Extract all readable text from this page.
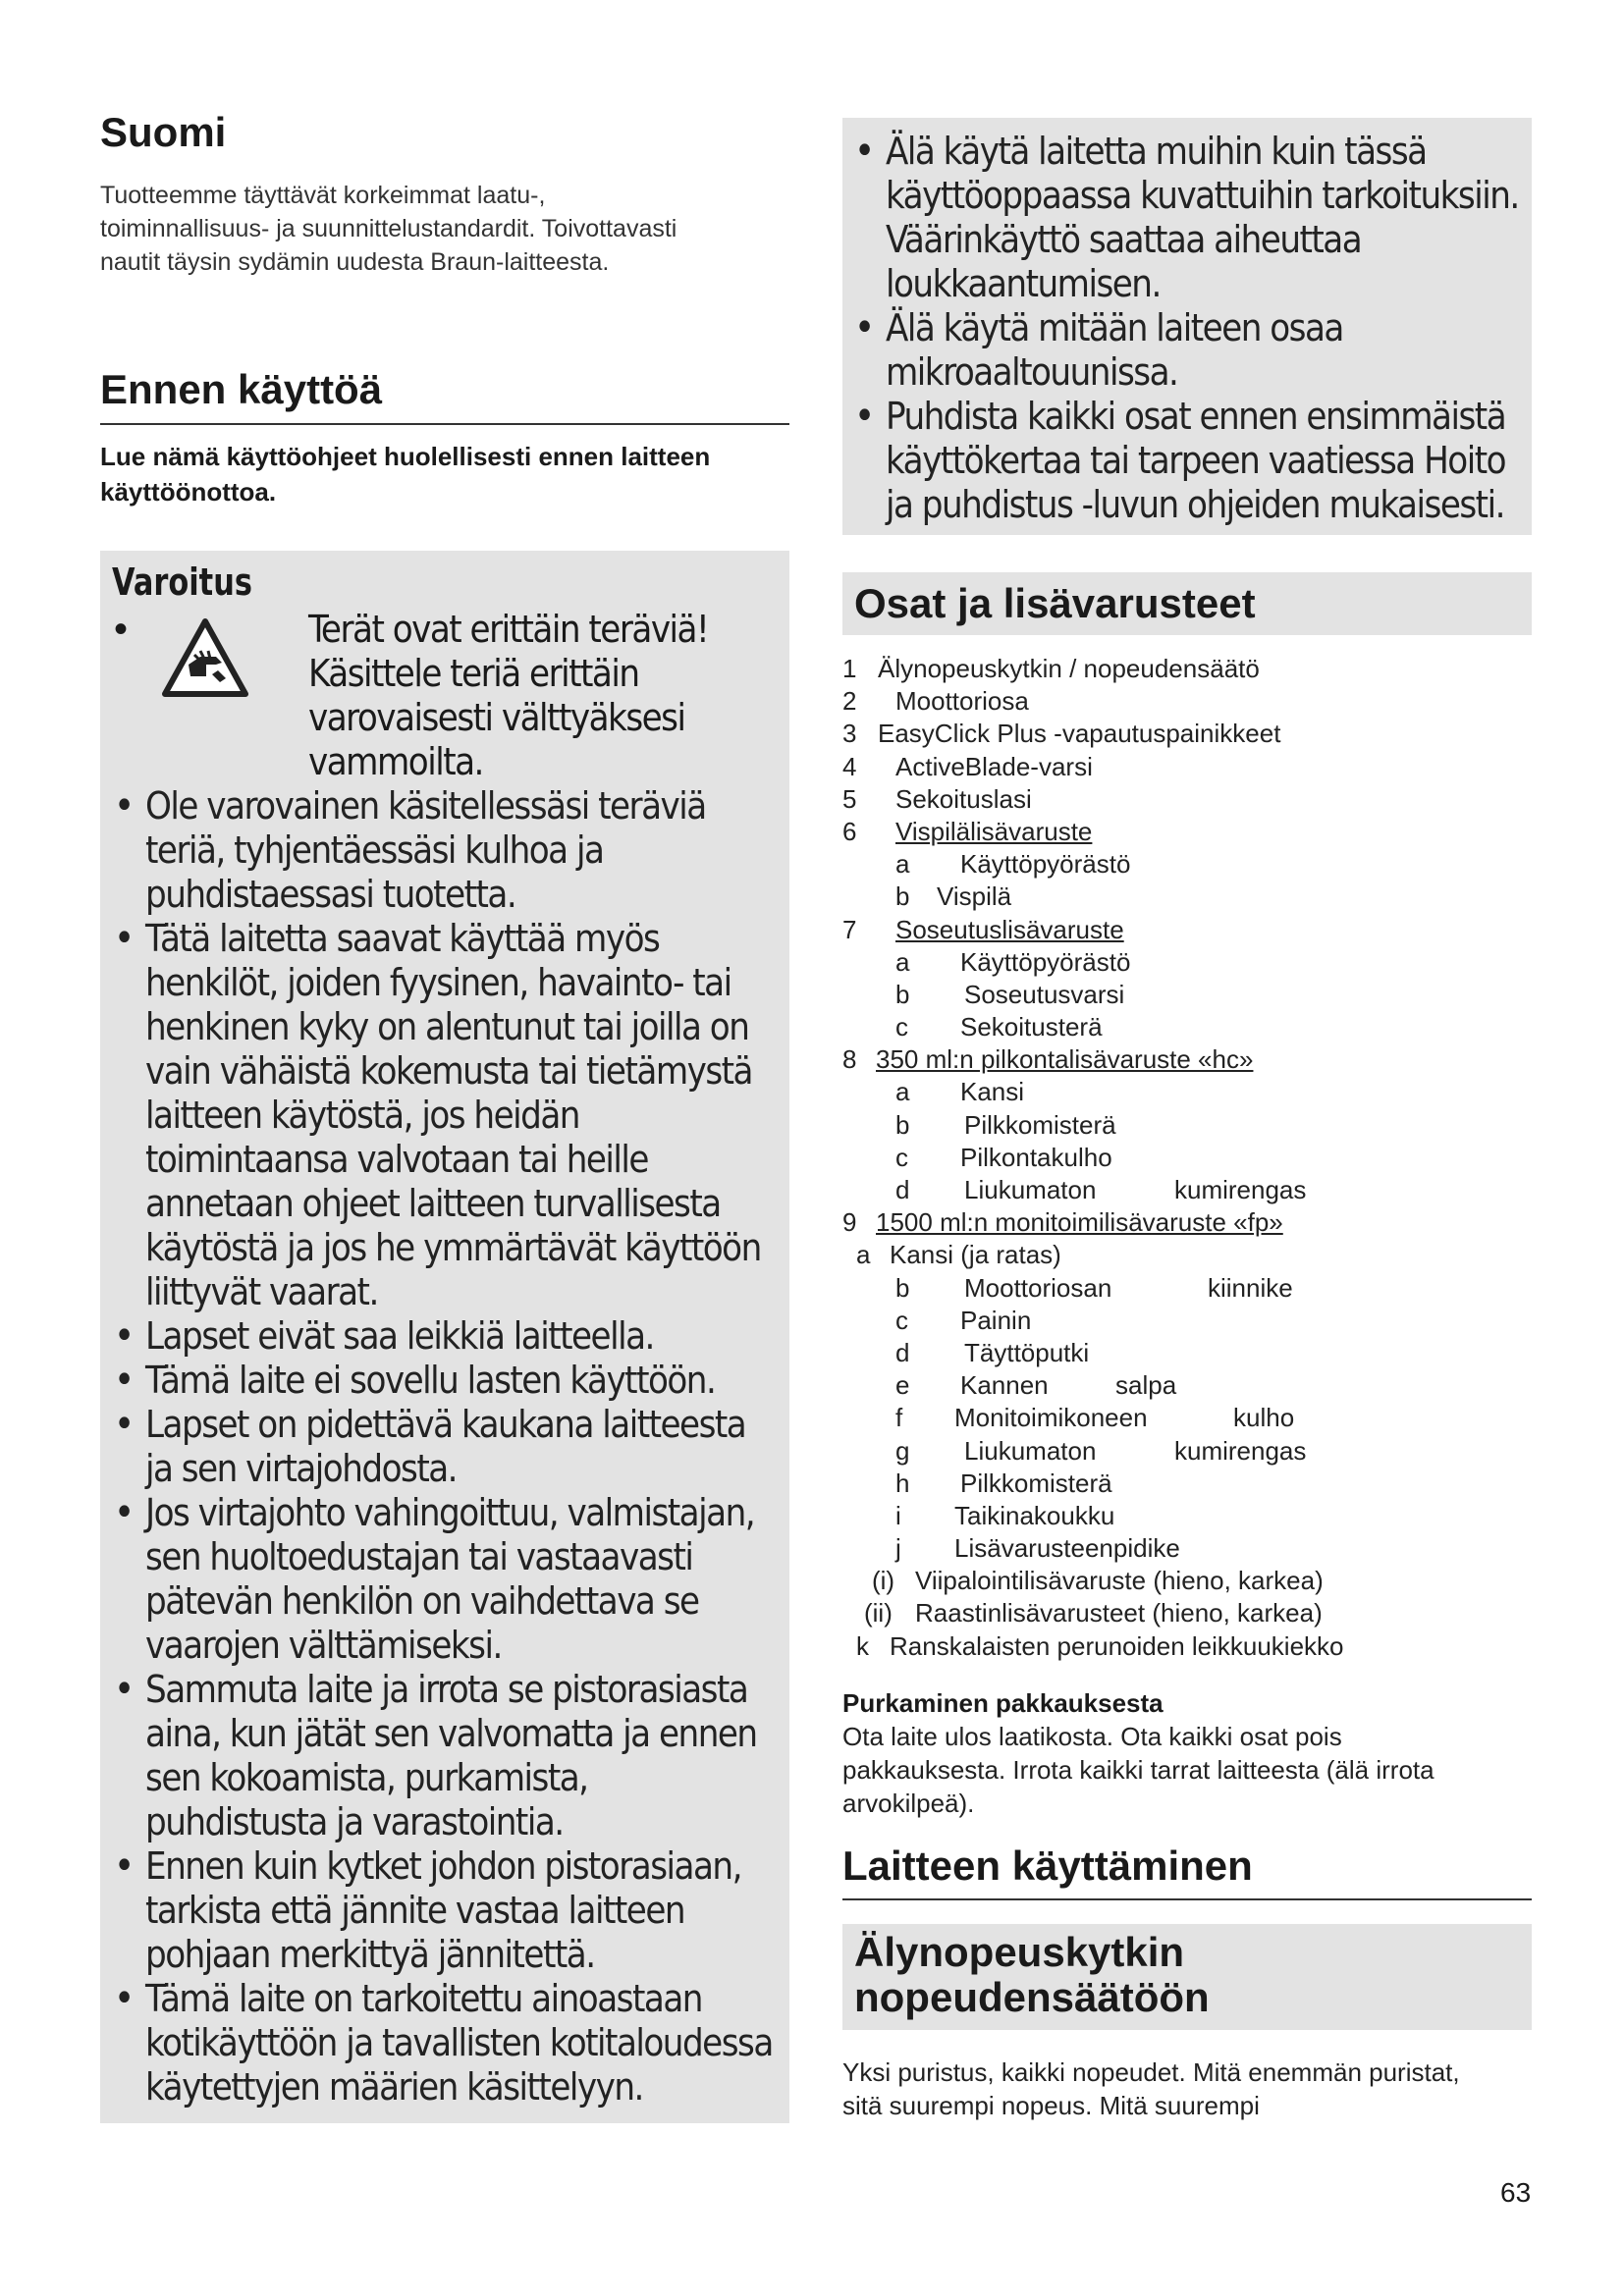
Suomi

Tuotteemme täyttävät korkeimmat laatu-, toiminnallisuus- ja suunnittelustandardit. Toivottavasti nautit täysin sydämin uudesta Braun-laitteesta.

Ennen käyttöä

Lue nämä käyttöohjeet huolellisesti ennen laitteen käyttöönottoa.

Varoitus
• Terät ovat erittäin teräviä! Käsittele teriä erittäin varovaisesti välttyäksesi vammoilta.
• Ole varovainen käsitellessäsi teräviä teriä, tyhjentäessäsi kulhoa ja puhdistaessasi tuotetta.
• Tätä laitetta saavat käyttää myös henkilöt, joiden fyysinen, havainto- tai henkinen kyky on alentunut tai joilla on vain vähäistä kokemusta tai tietämystä laitteen käytöstä, jos heidän toimintaansa valvotaan tai heille annetaan ohjeet laitteen turvallisesta käytöstä ja jos he ymmärtävät käyttöön liittyvät vaarat.
• Lapset eivät saa leikkiä laitteella.
• Tämä laite ei sovellu lasten käyttöön.
• Lapset on pidettävä kaukana laitteesta ja sen virtajohdosta.
• Jos virtajohto vahingoittuu, valmistajan, sen huoltoedustajan tai vastaavasti pätevän henkilön on vaihdettava se vaarojen välttämiseksi.
• Sammuta laite ja irrota se pistorasiasta aina, kun jätät sen valvomatta ja ennen sen kokoamista, purkamista, puhdistusta ja varastointia.
• Ennen kuin kytket johdon pistorasiaan, tarkista että jännite vastaa laitteen pohjaan merkittyä jännitettä.
• Tämä laite on tarkoitettu ainoastaan kotikäyttöön ja tavallisten kotitaloudessa käytettyjen määrien käsittelyyn.
• Älä käytä laitetta muihin kuin tässä käyttöoppaassa kuvattuihin tarkoituksiin. Väärinkäyttö saattaa aiheuttaa loukkaantumisen.
• Älä käytä mitään laiteen osaa mikroaaltouunissa.
• Puhdista kaikki osat ennen ensimmäistä käyttökertaa tai tarpeen vaatiessa Hoito ja puhdistus -luvun ohjeiden mukaisesti.
Osat ja lisävarusteet
1 Älynopeuskytkin / nopeudensäätö
2 Moottoriosa
3 EasyClick Plus -vapautuspainikkeet
4 ActiveBlade-varsi
5 Sekoituslasi
6 Vispilälisävaruste
a Käyttöpyörästö
b Vispilä
7 Soseutuslisävaruste
a Käyttöpyörästö
b Soseutusvarsi
c Sekoitusterä
8 350 ml:n pilkontalisävaruste «hc»
a Kansi
b Pilkkomisterä
c Pilkontakulho
d Liukumaton	kumirengas
9 1500 ml:n monitoimilisävaruste «fp»
a Kansi (ja ratas)
b Moottoriosan	kiinnike
c Painin
d Täyttöputki
e Kannen	salpa
f Monitoimikoneen	kulho
g Liukumaton	kumirengas
h Pilkkomisterä
i Taikinakoukku
j Lisävarusteenpidike
(i) Viipalointilisävaruste (hieno, karkea)
(ii) Raastinlisävarusteet (hieno, karkea)
k Ranskalaisten perunoiden leikkuukiekko

Purkaminen pakkauksesta

Ota laite ulos laatikosta. Ota kaikki osat pois pakkauksesta. Irrota kaikki tarrat laitteesta (älä irrota arvokilpeä).

Laitteen käyttäminen
Älynopeuskytkin nopeudensäätöön

Yksi puristus, kaikki nopeudet. Mitä enemmän puristat, sitä suurempi nopeus. Mitä suurempi

63
